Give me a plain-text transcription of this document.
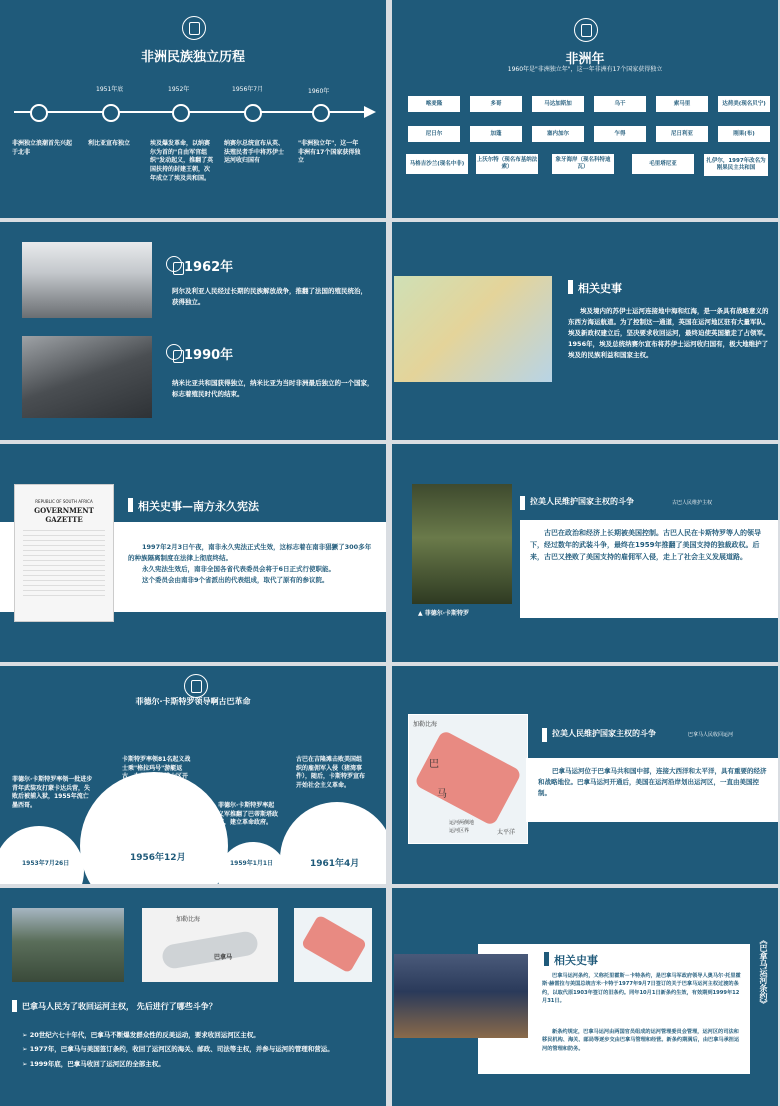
非洲民族独立历程
1951年底	1952年	1956年7月	1960年
非洲独立浪潮首先兴起于北非
利比亚宣布独立	埃及爆发革命，以纳赛尔为首的"自由军官组织"发动起义，推翻了英国扶持的封建王朝，次年成立了埃及共和国。
纳赛尔总统宣布从英、法殖民者手中将苏伊士运河收归国有
"非洲独立年"，这一年非洲有17个国家获得独立
非洲年
1960年是"非洲独立年"，这一年非洲有17个国家获得独立
喀麦隆	多哥	马达加斯加	乌干	索马里	达荷美(现名贝宁)
尼日尔	加蓬	塞内加尔	乍得	尼日利亚	刚果(布)
马格吉沙兰(现名中非)
上沃尔特（现名布基纳法索）
象牙海岸（现名科特迪瓦）
毛里塔尼亚	扎伊尔，1997年改名为刚果民主共和国
1962年
阿尔及利亚人民经过长期的民族解放战争，推翻了法国的殖民统治，获得独立。
1990年
纳米比亚共和国获得独立，纳米比亚为当时非洲最后独立的一个国家，标志着殖民时代的结束。
相关史事
埃及境内的苏伊士运河连接地中海和红海，是一条具有战略意义的东西方海运航道。为了控制这一通道，英国在运河地区驻有大量军队。埃及新政权建立后，坚决要求收回运河，最终迫使英国撤走了占领军。1956年，埃及总统纳赛尔宣布将苏伊士运河收归国有，极大地维护了埃及的民族利益和国家主权。
REPUBLIC OF SOUTH AFRICA
GOVERNMENT GAZETTE
相关史事—南方永久宪法
1997年2月3日午夜，南非永久宪法正式生效，这标志着在南非猖獗了300多年的种族隔离制度在法律上彻底终结。
永久宪法生效后，南非全国各省代表委员会将于6日正式行使职能。
这个委员会由南非9个省派出的代表组成，取代了原有的参议院。
▲ 菲德尔·卡斯特罗
拉美人民维护国家主权的斗争	古巴人民维护主权
古巴在政治和经济上长期被美国控制。古巴人民在卡斯特罗等人的领导下，经过数年的武装斗争，最终在1959年推翻了美国支持的独裁政权。后来，古巴又挫败了美国支持的雇佣军入侵，走上了社会主义发展道路。
菲德尔·卡斯特罗领导啊古巴革命
1953年7月26日
1956年12月
1959年1月1日	1961年4月
菲德尔·卡斯特罗率领一批进步青年武装攻打蒙卡达兵营，失败后被捕入狱，1955年流亡墨西哥。
卡斯特罗率领81名起义战士乘"格拉玛号"游艇返古，在马埃斯特腊山区开展游击战。
菲德尔·卡斯特罗率起义军推翻了巴蒂斯塔政权，建立革命政府。
古巴在吉隆滩击败美国组织的雇佣军入侵（猪湾事件），随后，卡斯特罗宣布开始社会主义革命。
加勒比海
运河两侧地
运河区界
巴
马
太平洋
拉美人民维护国家主权的斗争	巴拿马人民收回运河
巴拿马运河位于巴拿马共和国中部，连接大西洋和太平洋，具有重要的经济和战略地位。巴拿马运河开通后，美国在运河沿岸划出运河区，一直由美国控制。
加勒比海
巴拿马
巴拿马人民为了收回运河主权， 先后进行了哪些斗争？
➢ 20世纪六七十年代，巴拿马不断爆发群众性的反美运动，要求收回运河区主权。
➢ 1977年，巴拿马与美国签订条约，收回了运河区的海关、邮政、司法等主权，并参与运河的管理和营运。
➢ 1999年底，巴拿马收回了运河区的全部主权。
相关史事
巴拿马运河条约，又称托里霍斯－卡特条约，是巴拿马军政府领导人奥马尔·托里霍斯·赫雷拉与美国总统吉米·卡特于1977年9月7日签订的关于巴拿马运河主权过渡的条约，以取代原1903年签订的旧条约。同年10月1日新条约生效，有效期到1999年12月31日。
新条约规定，巴拿马运河由两国官员组成的运河管理委员会管理，运河区的司法和移民机构、海关、邮局等逐步交由巴拿马管理和经营。新条约期满后，由巴拿马承担运河的管理和防务。
《巴拿马运河条约》
